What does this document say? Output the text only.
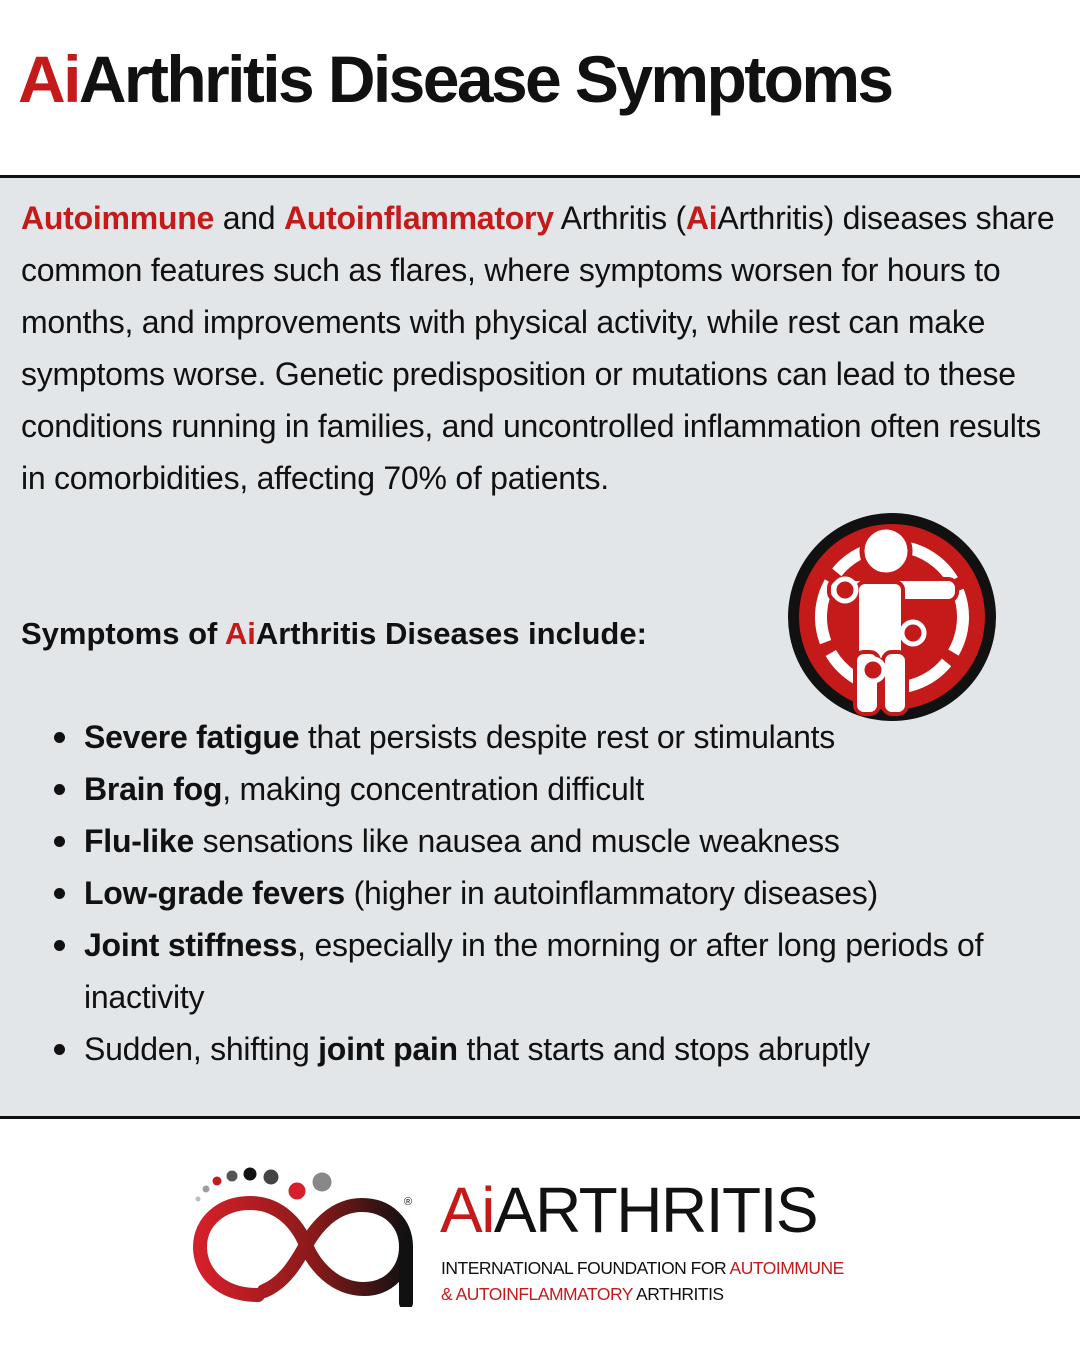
AiArthritis Disease Symptoms

Autoimmune and Autoinflammatory Arthritis (AiArthritis) diseases share common features such as flares, where symptoms worsen for hours to months, and improvements with physical activity, while rest can make symptoms worse. Genetic predisposition or mutations can lead to these conditions running in families, and uncontrolled inflammation often results in comorbidities, affecting 70% of patients.

Symptoms of AiArthritis Diseases include:

Severe fatigue that persists despite rest or stimulants
Brain fog, making concentration difficult
Flu-like sensations like nausea and muscle weakness
Low-grade fevers (higher in autoinflammatory diseases)
Joint stiffness, especially in the morning or after long periods of inactivity
Sudden, shifting joint pain that starts and stops abruptly
® AiARTHRITIS

INTERNATIONAL FOUNDATION FOR AUTOIMMUNE
& AUTOINFLAMMATORY ARTHRITIS
